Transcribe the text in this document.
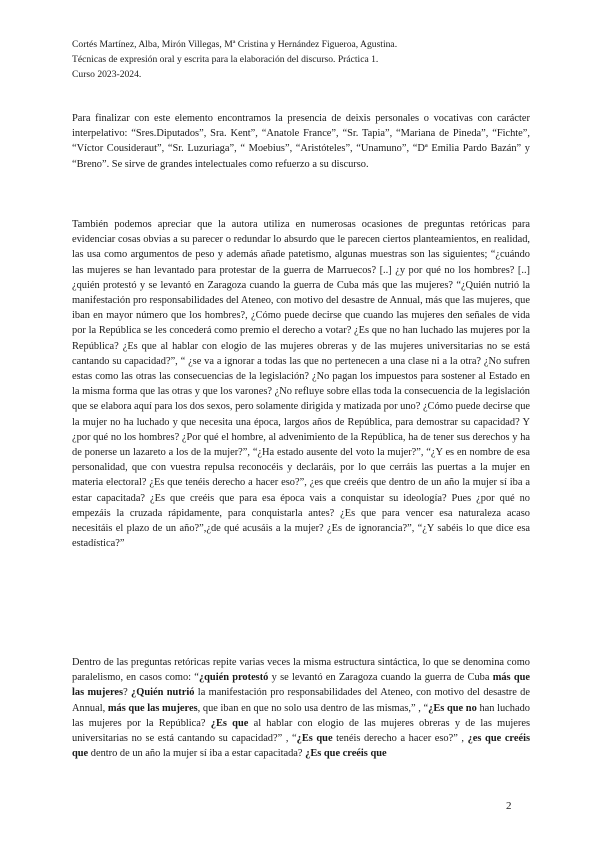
Cortés Martínez, Alba, Mirón Villegas, Mª Cristina y Hernández Figueroa, Agustina.
Técnicas de expresión oral y escrita para la elaboración del discurso. Práctica 1.
Curso 2023-2024.

Para finalizar con este elemento encontramos la presencia de deixis personales o vocativas con carácter interpelativo: “Sres.Diputados”, Sra. Kent”, “Anatole France”, “Sr. Tapia”, “Mariana de Pineda”, “Fichte”, “Víctor Cousideraut”, “Sr. Luzuriaga”, “ Moebius”, “Aristóteles”, “Unamuno”, “Dª Emilia Pardo Bazán” y “Breno”. Se sirve de grandes intelectuales como refuerzo a su discurso.

También podemos apreciar que la autora utiliza en numerosas ocasiones de preguntas retóricas para evidenciar cosas obvias a su parecer o redundar lo absurdo que le parecen ciertos planteamientos, en realidad, las usa como argumentos de peso y además añade patetismo, algunas muestras son las siguientes; “¿cuándo las mujeres se han levantado para protestar de la guerra de Marruecos? [..] ¿y por qué no los hombres? [..] ¿quién protestó y se levantó en Zaragoza cuando la guerra de Cuba más que las mujeres? “¿Quién nutrió la manifestación pro responsabilidades del Ateneo, con motivo del desastre de Annual, más que las mujeres, que iban en mayor número que los hombres?, ¿Cómo puede decirse que cuando las mujeres den señales de vida por la República se les concederá como premio el derecho a votar? ¿Es que no han luchado las mujeres por la República? ¿Es que al hablar con elogio de las mujeres obreras y de las mujeres universitarias no se está cantando su capacidad?”, “ ¿se va a ignorar a todas las que no pertenecen a una clase ni a la otra? ¿No sufren estas como las otras las consecuencias de la legislación? ¿No pagan los impuestos para sostener al Estado en la misma forma que las otras y que los varones? ¿No refluye sobre ellas toda la consecuencia de la legislación que se elabora aquí para los dos sexos, pero solamente dirigida y matizada por uno? ¿Cómo puede decirse que la mujer no ha luchado y que necesita una época, largos años de República, para demostrar su capacidad? Y ¿por qué no los hombres? ¿Por qué el hombre, al advenimiento de la República, ha de tener sus derechos y ha de ponerse un lazareto a los de la mujer?”, “¿Ha estado ausente del voto la mujer?”, “¿Y es en nombre de esa personalidad, que con vuestra repulsa reconocéis y declaráis, por lo que cerráis las puertas a la mujer en materia electoral? ¿Es que tenéis derecho a hacer eso?”, ¿es que creéis que dentro de un año la mujer sí iba a estar capacitada? ¿Es que creéis que para esa época vais a conquistar su ideología? Pues ¿por qué no empezáis la cruzada rápidamente, para conquistarla antes? ¿Es que para vencer esa naturaleza acaso necesitáis el plazo de un año?”,¿de qué acusáis a la mujer? ¿Es de ignorancia?”, “¿Y sabéis lo que dice esa estadística?”

Dentro de las preguntas retóricas repite varias veces la misma estructura sintáctica, lo que se denomina como paralelismo, en casos como: “¿quién protestó y se levantó en Zaragoza cuando la guerra de Cuba más que las mujeres? ¿Quién nutrió la manifestación pro responsabilidades del Ateneo, con motivo del desastre de Annual, más que las mujeres, que iban en que no solo usa dentro de las mismas,” , “¿Es que no han luchado las mujeres por la República? ¿Es que al hablar con elogio de las mujeres obreras y de las mujeres universitarias no se está cantando su capacidad?” , “¿Es que tenéis derecho a hacer eso?” , ¿es que creéis que dentro de un año la mujer sí iba a estar capacitada? ¿Es que creéis que

2
